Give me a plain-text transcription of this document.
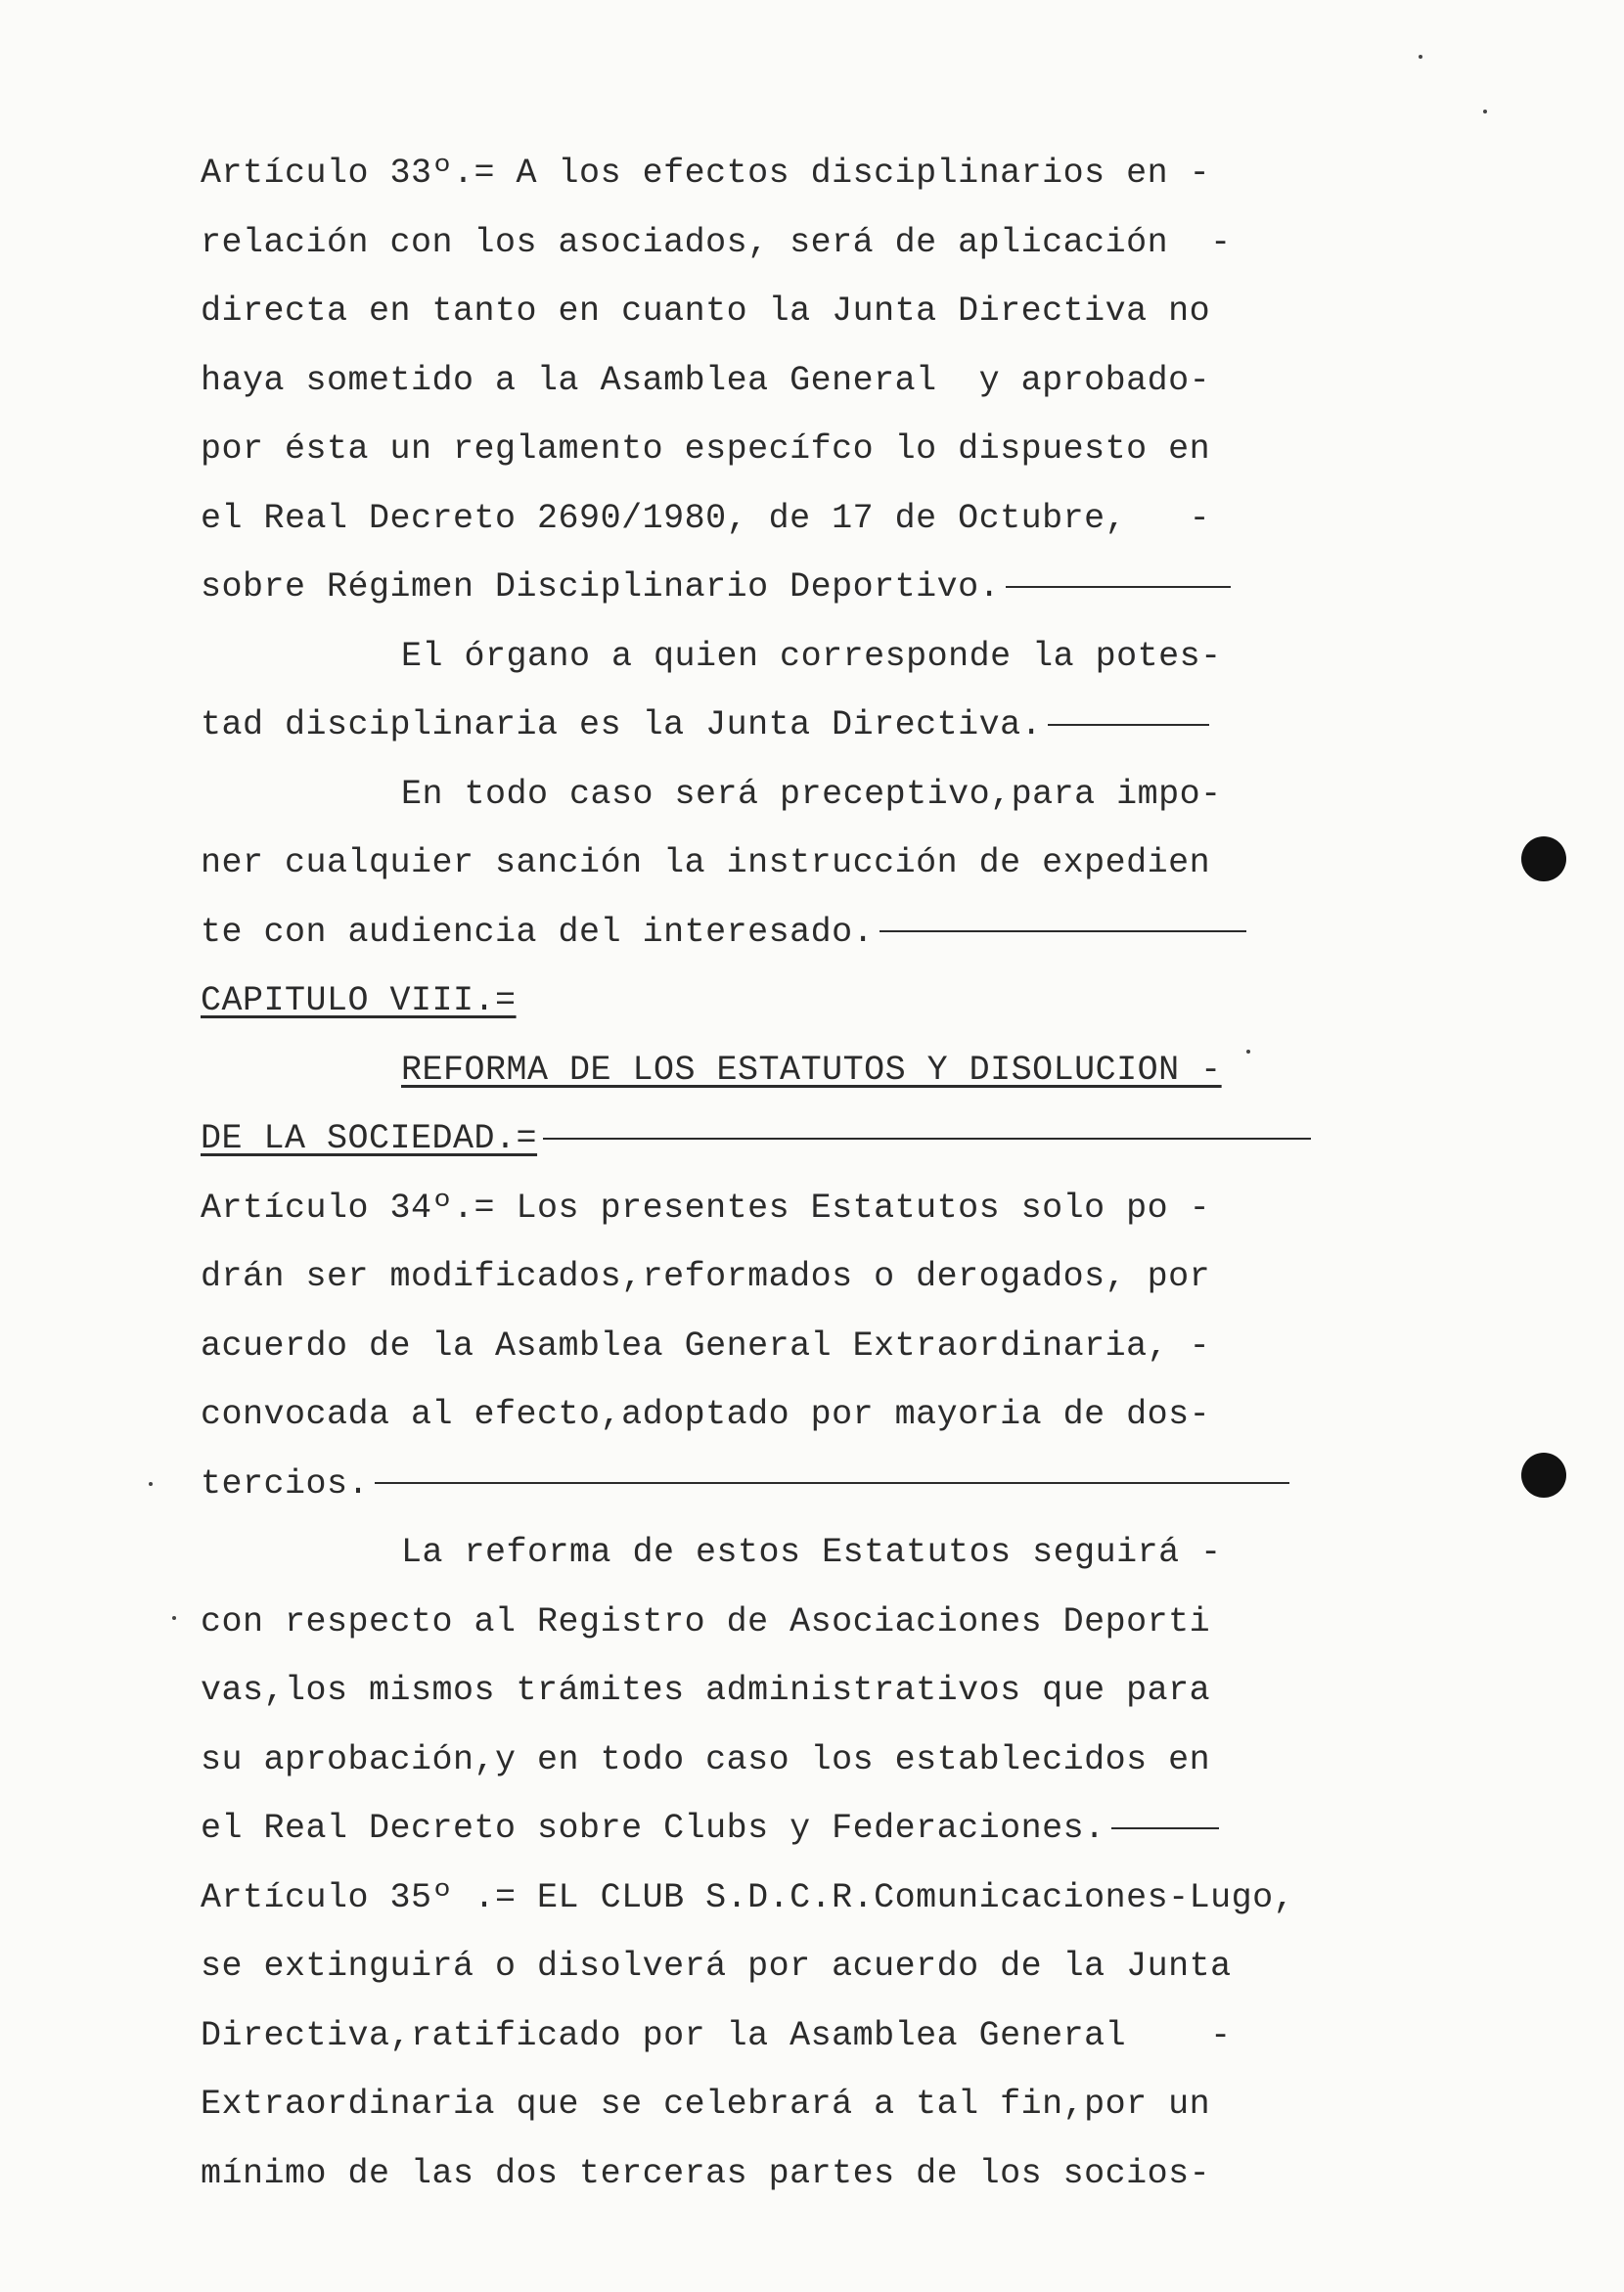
Artículo 33º.= A los efectos disciplinarios en -
relación con los asociados, será de aplicación  -
directa en tanto en cuanto la Junta Directiva no
haya sometido a la Asamblea General  y aprobado-
por ésta un reglamento específco lo dispuesto en
el Real Decreto 2690/1980, de 17 de Octubre,   -
sobre Régimen Disciplinario Deportivo.
El órgano a quien corresponde la potes-
tad disciplinaria es la Junta Directiva.
En todo caso será preceptivo,para impo-
ner cualquier sanción la instrucción de expedien
te con audiencia del interesado.
CAPITULO VIII.=
REFORMA DE LOS ESTATUTOS Y DISOLUCION -
DE LA SOCIEDAD.=
Artículo 34º.= Los presentes Estatutos solo po -
drán ser modificados,reformados o derogados, por
acuerdo de la Asamblea General Extraordinaria, -
convocada al efecto,adoptado por mayoria de dos-
tercios.
La reforma de estos Estatutos seguirá -
con respecto al Registro de Asociaciones Deporti
vas,los mismos trámites administrativos que para
su aprobación,y en todo caso los establecidos en
el Real Decreto sobre Clubs y Federaciones.
Artículo 35º .= EL CLUB S.D.C.R.Comunicaciones-Lugo,
se extinguirá o disolverá por acuerdo de la Junta
Directiva,ratificado por la Asamblea General    -
Extraordinaria que se celebrará a tal fin,por un
mínimo de las dos terceras partes de los socios-
